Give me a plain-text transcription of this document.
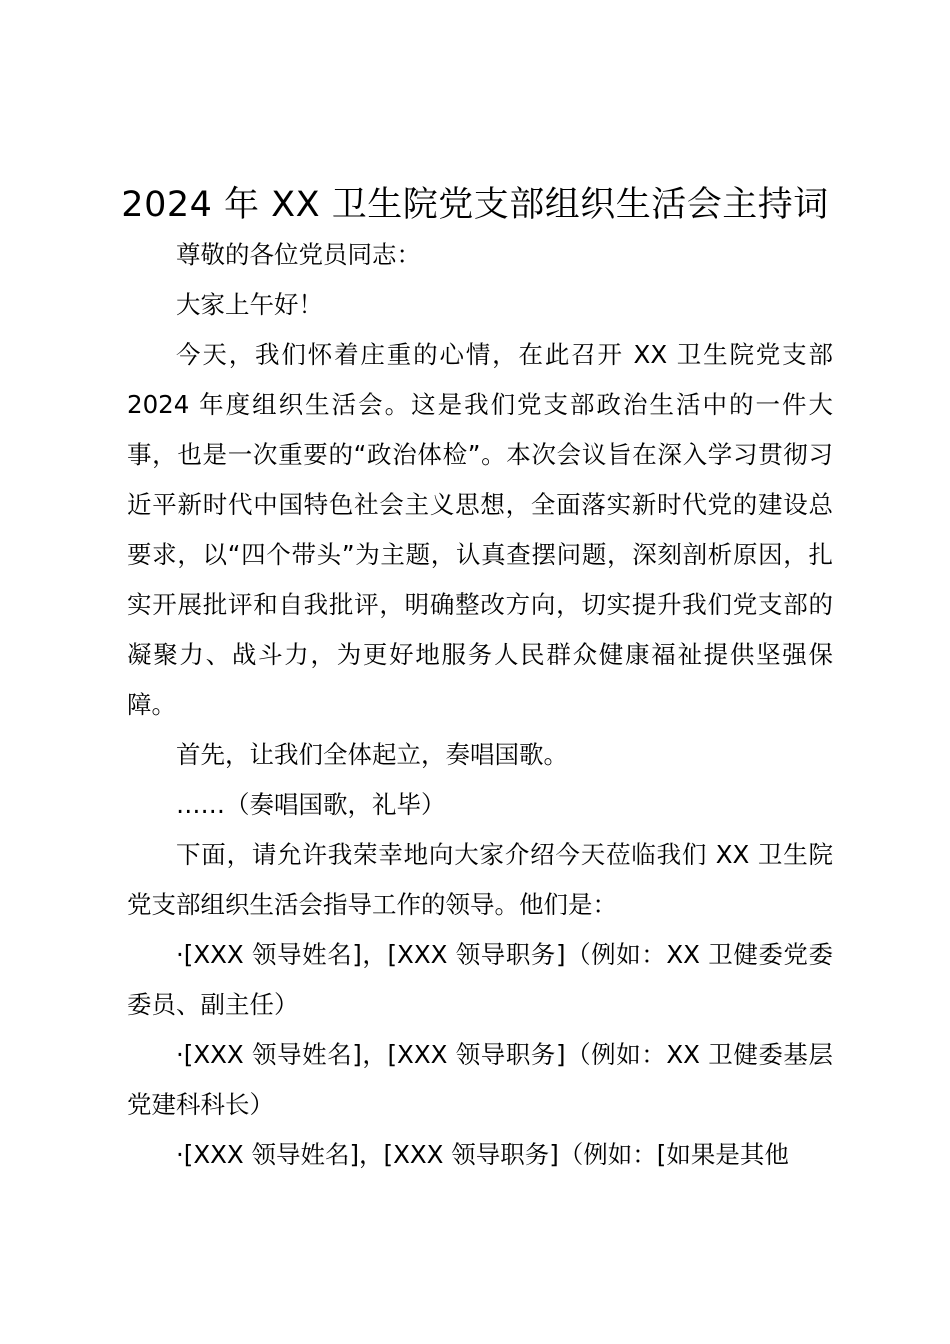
2024 年 XX 卫生院党支部组织生活会主持词

尊敬的各位党员同志：

大家上午好！

今天，我们怀着庄重的心情，在此召开 XX 卫生院党支部 2024 年度组织生活会。这是我们党支部政治生活中的一件大事，也是一次重要的“政治体检”。本次会议旨在深入学习贯彻习近平新时代中国特色社会主义思想，全面落实新时代党的建设总要求，以“四个带头”为主题，认真查摆问题，深刻剖析原因，扎实开展批评和自我批评，明确整改方向，切实提升我们党支部的凝聚力、战斗力，为更好地服务人民群众健康福祉提供坚强保障。

首先，让我们全体起立，奏唱国歌。

……（奏唱国歌，礼毕）

下面，请允许我荣幸地向大家介绍今天莅临我们 XX 卫生院党支部组织生活会指导工作的领导。他们是：

·[XXX 领导姓名]，[XXX 领导职务]（例如：XX 卫健委党委委员、副主任）

·[XXX 领导姓名]，[XXX 领导职务]（例如：XX 卫健委基层党建科科长）

·[XXX 领导姓名]，[XXX 领导职务]（例如：[如果是其他
